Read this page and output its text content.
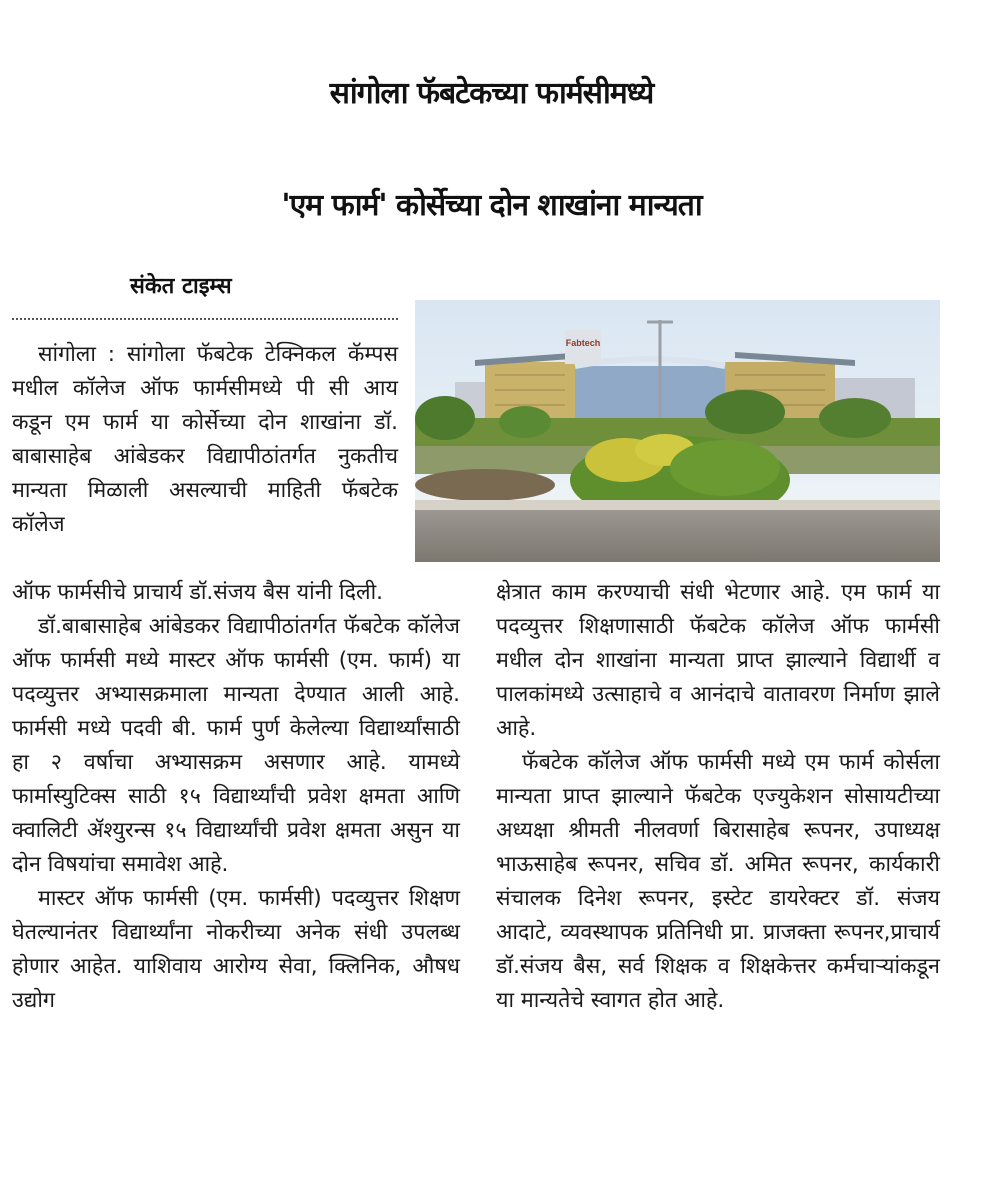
सांगोला फॅबटेकच्या फार्मसीमध्ये
'एम फार्म' कोर्सेच्या दोन शाखांना मान्यता
संकेत टाइम्स
Fabtech

सांगोला : सांगोला फॅबटेक टेक्निकल कॅम्पस मधील कॉलेज ऑफ फार्मसीमध्ये पी सी आय कडून एम फार्म या कोर्सेच्या दोन शाखांना डॉ. बाबासाहेब आंबेडकर विद्यापीठांतर्गत नुकतीच मान्यता मिळाली असल्याची माहिती फॅबटेक कॉलेज

ऑफ फार्मसीचे प्राचार्य डॉ.संजय बैस यांनी दिली.

डॉ.बाबासाहेब आंबेडकर विद्यापीठांतर्गत फॅबटेक कॉलेज ऑफ फार्मसी मध्ये मास्टर ऑफ फार्मसी (एम. फार्म) या पदव्युत्तर अभ्यासक्रमाला मान्यता देण्यात आली आहे. फार्मसी मध्ये पदवी बी. फार्म पुर्ण केलेल्या विद्यार्थ्यांसाठी हा २ वर्षाचा अभ्यासक्रम असणार आहे. यामध्ये फार्मास्युटिक्स साठी १५ विद्यार्थ्यांची प्रवेश क्षमता आणि क्वालिटी ॲश्युरन्स १५ विद्यार्थ्यांची प्रवेश क्षमता असुन या दोन विषयांचा समावेश आहे.

मास्टर ऑफ फार्मसी (एम. फार्मसी) पदव्युत्तर शिक्षण घेतल्यानंतर विद्यार्थ्यांना नोकरीच्या अनेक संधी उपलब्ध होणार आहेत. याशिवाय आरोग्य सेवा, क्लिनिक, औषध उद्योग

क्षेत्रात काम करण्याची संधी भेटणार आहे. एम फार्म या पदव्युत्तर शिक्षणासाठी फॅबटेक कॉलेज ऑफ फार्मसी मधील दोन शाखांना मान्यता प्राप्त झाल्याने विद्यार्थी व पालकांमध्ये उत्साहाचे व आनंदाचे वातावरण निर्माण झाले आहे.

फॅबटेक कॉलेज ऑफ फार्मसी मध्ये एम फार्म कोर्सला मान्यता प्राप्त झाल्याने फॅबटेक एज्युकेशन सोसायटीच्या अध्यक्षा श्रीमती नीलवर्णा बिरासाहेब रूपनर, उपाध्यक्ष भाऊसाहेब रूपनर, सचिव डॉ. अमित रूपनर, कार्यकारी संचालक दिनेश रूपनर, इस्टेट डायरेक्टर डॉ. संजय आदाटे, व्यवस्थापक प्रतिनिधी प्रा. प्राजक्ता रूपनर,प्राचार्य डॉ.संजय बैस, सर्व शिक्षक व शिक्षकेत्तर कर्मचाऱ्यांकडून या मान्यतेचे स्वागत होत आहे.
